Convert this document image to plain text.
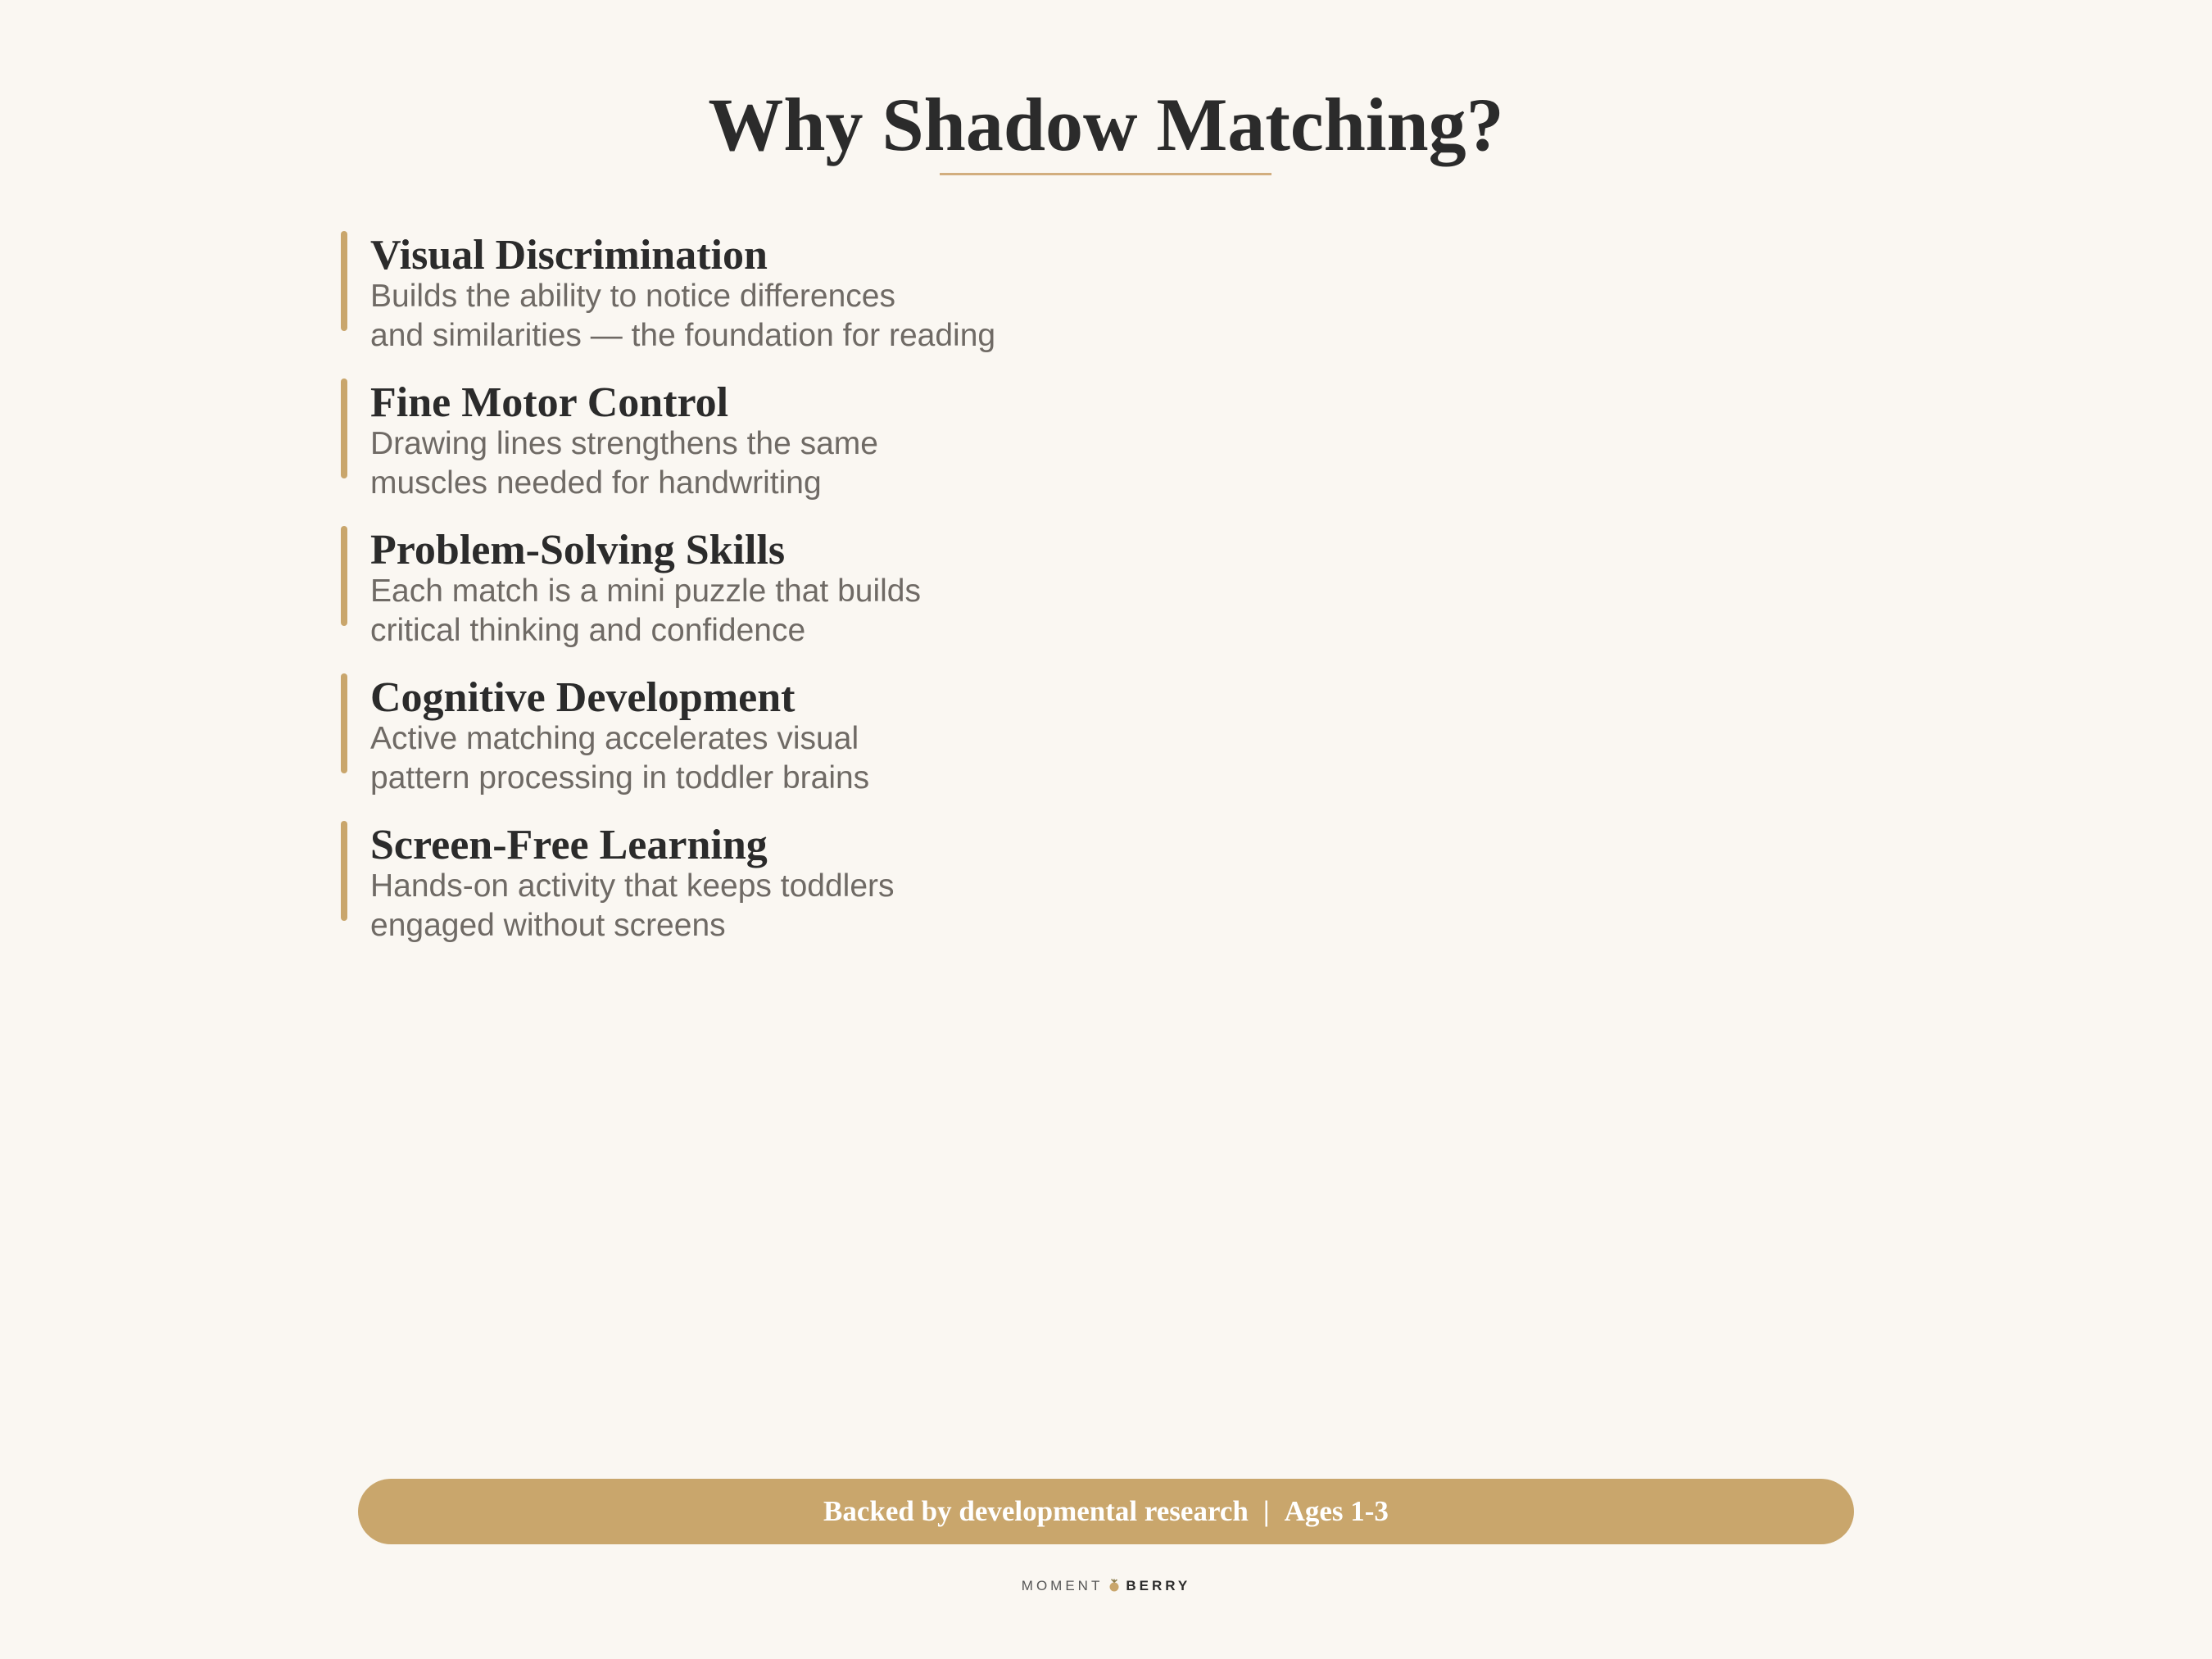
Why Shadow Matching?
Visual Discrimination

Builds the ability to notice differences
and similarities — the foundation for reading

Fine Motor Control

Drawing lines strengthens the same
muscles needed for handwriting

Problem-Solving Skills

Each match is a mini puzzle that builds
critical thinking and confidence

Cognitive Development

Active matching accelerates visual
pattern processing in toddler brains

Screen-Free Learning

Hands-on activity that keeps toddlers
engaged without screens

Backed by developmental research | Ages 1-3
MOMENT BERRY
